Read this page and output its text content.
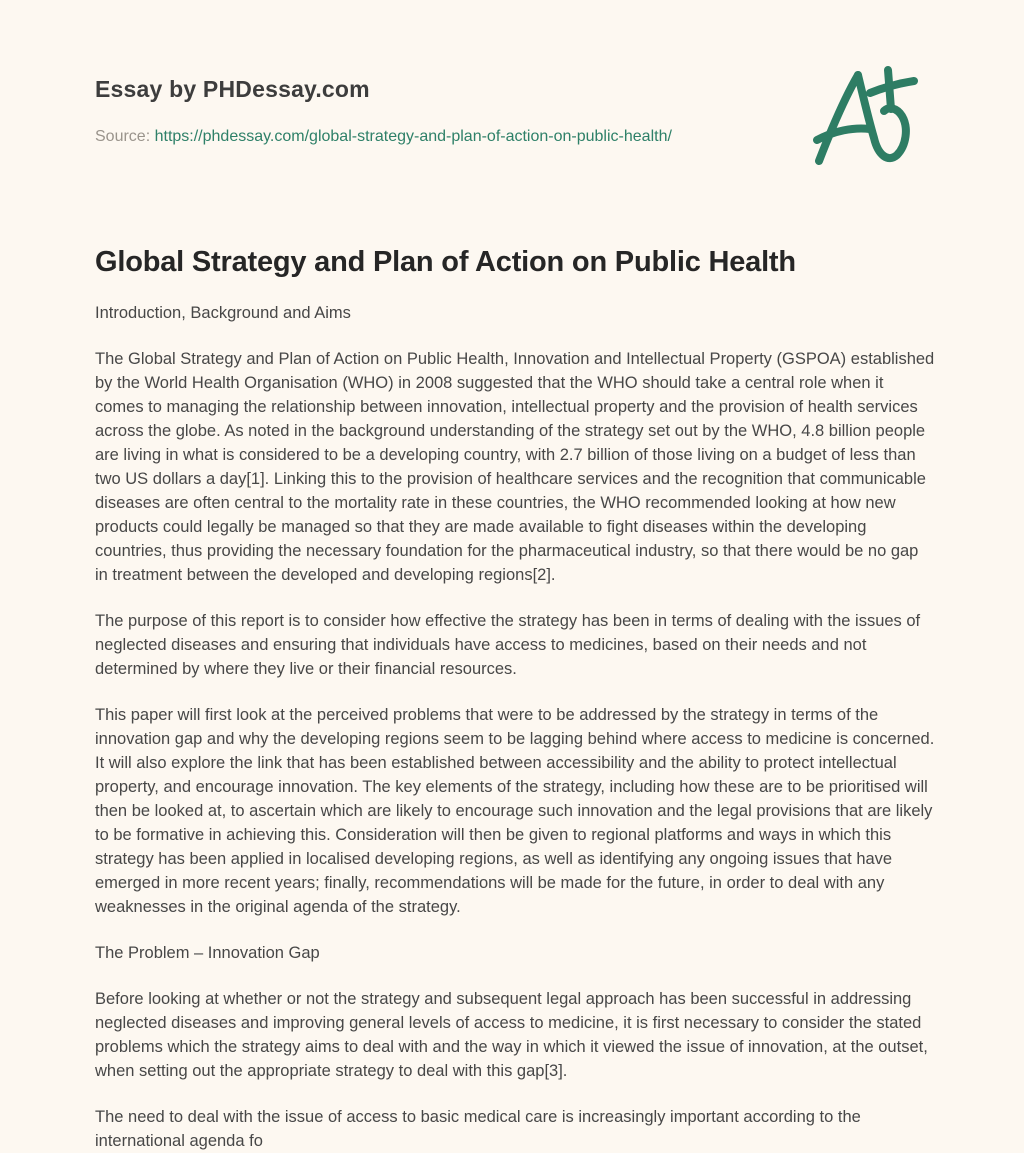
Essay by PHDessay.com

Source: https://phdessay.com/global-strategy-and-plan-of-action-on-public-health/

Global Strategy and Plan of Action on Public Health

Introduction, Background and Aims

The Global Strategy and Plan of Action on Public Health, Innovation and Intellectual Property (GSPOA) established by the World Health Organisation (WHO) in 2008 suggested that the WHO should take a central role when it comes to managing the relationship between innovation, intellectual property and the provision of health services across the globe. As noted in the background understanding of the strategy set out by the WHO, 4.8 billion people are living in what is considered to be a developing country, with 2.7 billion of those living on a budget of less than two US dollars a day[1]. Linking this to the provision of healthcare services and the recognition that communicable diseases are often central to the mortality rate in these countries, the WHO recommended looking at how new products could legally be managed so that they are made available to fight diseases within the developing countries, thus providing the necessary foundation for the pharmaceutical industry, so that there would be no gap in treatment between the developed and developing regions[2].

The purpose of this report is to consider how effective the strategy has been in terms of dealing with the issues of neglected diseases and ensuring that individuals have access to medicines, based on their needs and not determined by where they live or their financial resources.

This paper will first look at the perceived problems that were to be addressed by the strategy in terms of the innovation gap and why the developing regions seem to be lagging behind where access to medicine is concerned. It will also explore the link that has been established between accessibility and the ability to protect intellectual property, and encourage innovation. The key elements of the strategy, including how these are to be prioritised will then be looked at, to ascertain which are likely to encourage such innovation and the legal provisions that are likely to be formative in achieving this. Consideration will then be given to regional platforms and ways in which this strategy has been applied in localised developing regions, as well as identifying any ongoing issues that have emerged in more recent years; finally, recommendations will be made for the future, in order to deal with any weaknesses in the original agenda of the strategy.

The Problem – Innovation Gap

Before looking at whether or not the strategy and subsequent legal approach has been successful in addressing neglected diseases and improving general levels of access to medicine, it is first necessary to consider the stated problems which the strategy aims to deal with and the way in which it viewed the issue of innovation, at the outset, when setting out the appropriate strategy to deal with this gap[3].

The need to deal with the issue of access to basic medical care is increasingly important according to the international agenda fo
